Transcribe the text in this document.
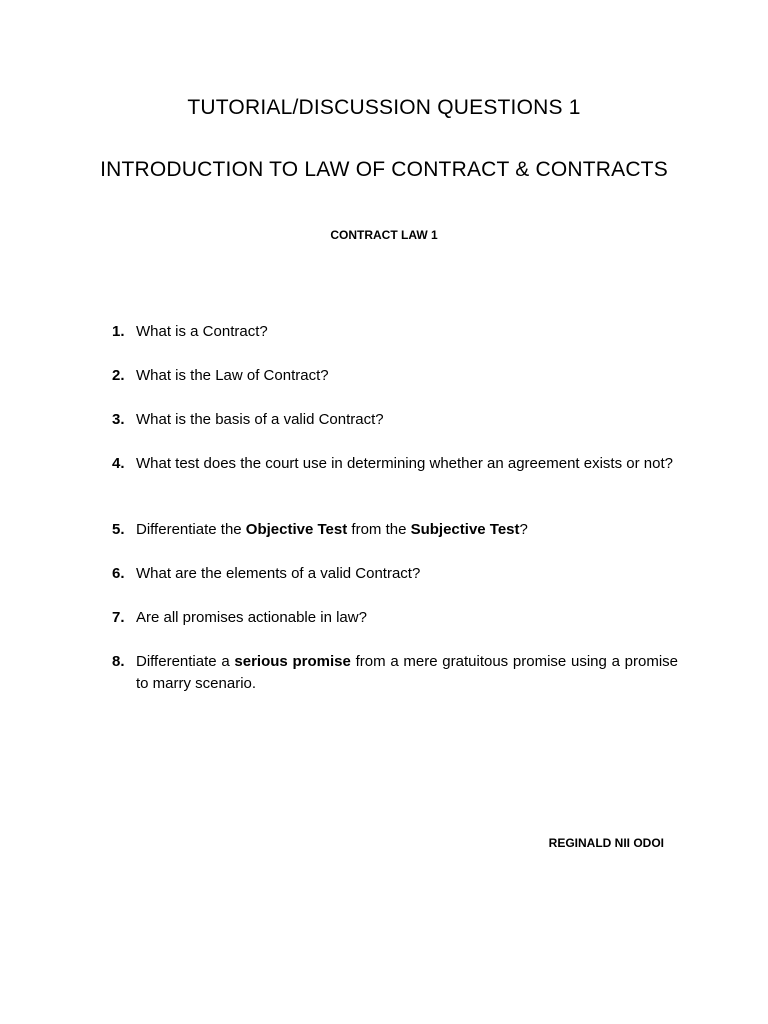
TUTORIAL/DISCUSSION QUESTIONS 1
INTRODUCTION TO LAW OF CONTRACT & CONTRACTS

CONTRACT LAW 1

1. What is a Contract?
2. What is the Law of Contract?
3. What is the basis of a valid Contract?
4. What test does the court use in determining whether an agreement exists or not?
5. Differentiate the Objective Test from the Subjective Test?
6. What are the elements of a valid Contract?
7. Are all promises actionable in law?
8. Differentiate a serious promise from a mere gratuitous promise using a promise to marry scenario.

REGINALD NII ODOI
